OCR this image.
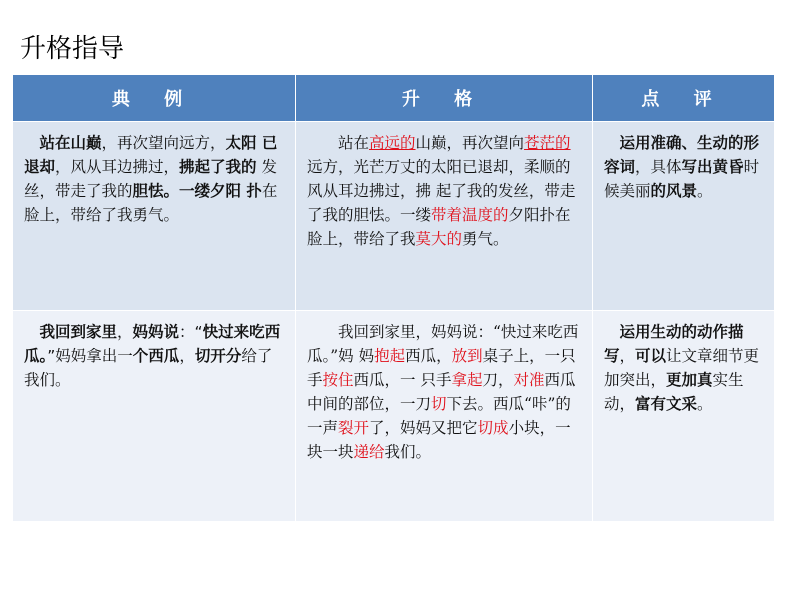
升格指导
典 例	升 格	点 评

　站在山巅，再次望向远方，太阳 已退却，风从耳边拂过，拂起了我的 发丝，带走了我的胆怯。一缕夕阳 扑在脸上，带给了我勇气。	　　站在高远的山巅，再次望向苍茫的远方，光芒万丈的太阳已退却，柔顺的风从耳边拂过，拂 起了我的发丝，带走了我的胆怯。一缕带着温度的夕阳扑在脸上，带给了我莫大的勇气。	　运用准确、生动的形容词，具体写出黄昏时候美丽的风景。

　我回到家里，妈妈说：“快过来吃西瓜。”妈妈拿出一个西瓜，切开分给了我们。	　　我回到家里，妈妈说：“快过来吃西瓜。”妈 妈抱起西瓜，放到桌子上，一只手按住西瓜，一 只手拿起刀，对准西瓜中间的部位，一刀切下去。西瓜“咔”的一声裂开了，妈妈又把它切成小块，一块一块递给我们。	　运用生动的动作描写，可以让文章细节更加突出，更加真实生动，富有文采。
